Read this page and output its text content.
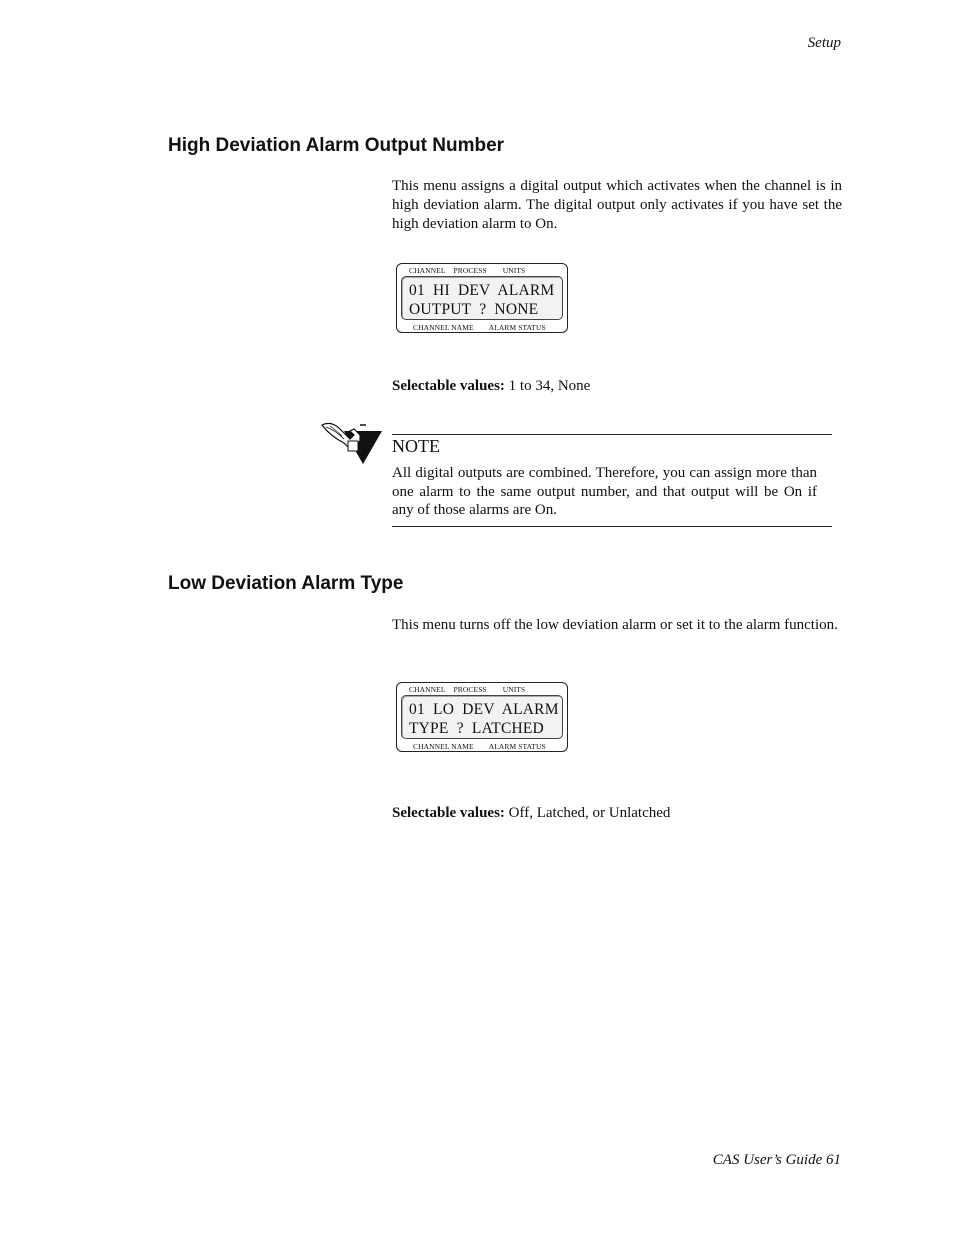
Setup
High Deviation Alarm Output Number
This menu assigns a digital output which activates when the channel is in high deviation alarm. The digital output only activates if you have set the high deviation alarm to On.
CHANNEL PROCESS UNITS
01  HI  DEV  ALARM
OUTPUT  ?  NONE
CHANNEL NAME ALARM STATUS
Selectable values: 1 to 34, None
NOTE
All digital outputs are combined. Therefore, you can assign more than one alarm to the same output number, and that output will be On if any of those alarms are On.
Low Deviation Alarm Type
This menu turns off the low deviation alarm or set it to the alarm function.
CHANNEL PROCESS UNITS
01  LO  DEV  ALARM
TYPE  ?  LATCHED
CHANNEL NAME ALARM STATUS
Selectable values: Off, Latched, or Unlatched
CAS User’s Guide 61
